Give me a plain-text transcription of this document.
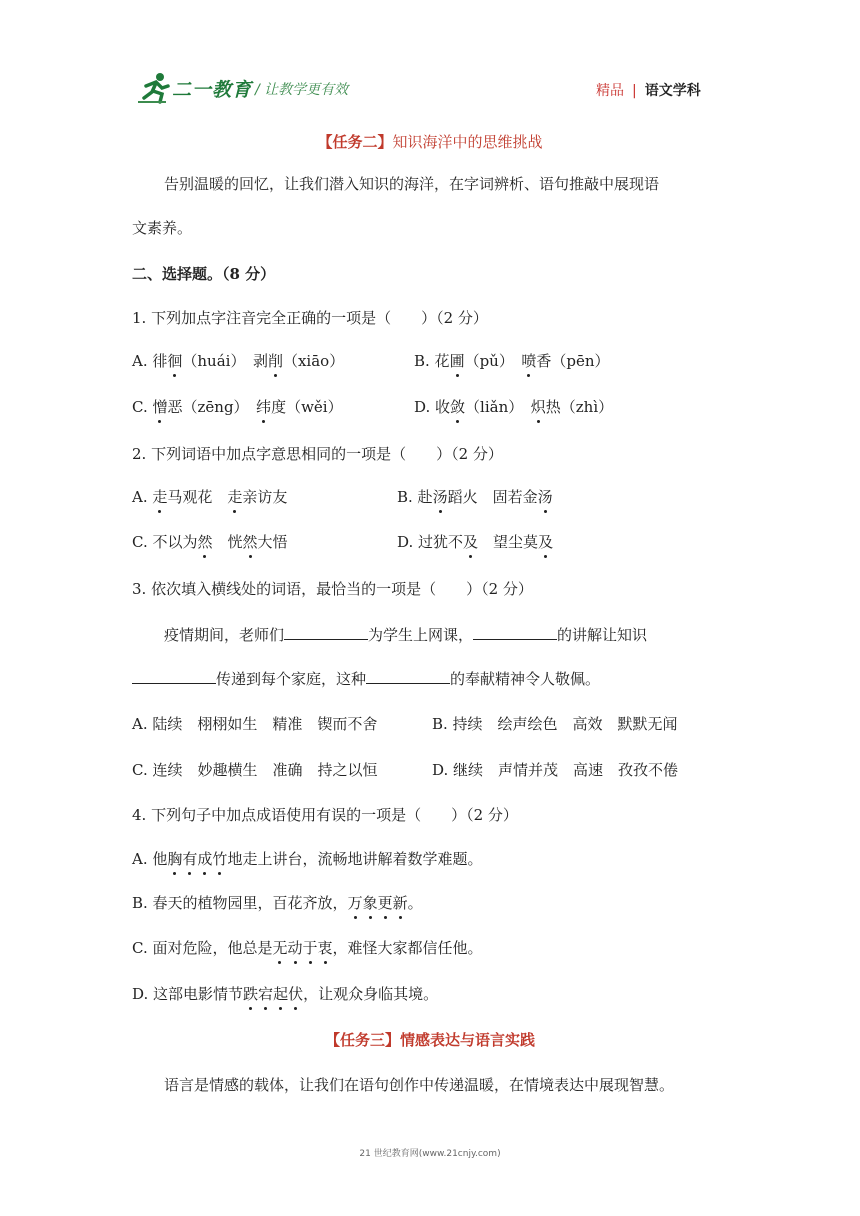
二一教育 / 让教学更有效	精品 | 语文学科
【任务二】知识海洋中的思维挑战
告别温暖的回忆，让我们潜入知识的海洋，在字词辨析、语句推敲中展现语
文素养。
二、选择题。（8 分）
1. 下列加点字注音完全正确的一项是（　　）（2 分）
A. 徘徊（huái）　剥削（xiāo）	B. 花圃（pǔ）　喷香（pēn）
C. 憎恶（zēng）　纬度（wěi）	D. 收敛（liǎn）　炽热（zhì）
2. 下列词语中加点字意思相同的一项是（　　）（2 分）
A. 走马观花　走亲访友	B. 赴汤蹈火　固若金汤
C. 不以为然　恍然大悟	D. 过犹不及　望尘莫及
3. 依次填入横线处的词语，最恰当的一项是（　　）（2 分）
疫情期间，老师们	为学生上网课，	的讲解让知识
传递到每个家庭，这种	的奉献精神令人敬佩。
A. 陆续　栩栩如生　精准　锲而不舍	B. 持续　绘声绘色　高效　默默无闻
C. 连续　妙趣横生　准确　持之以恒	D. 继续　声情并茂　高速　孜孜不倦
4. 下列句子中加点成语使用有误的一项是（　　）（2 分）
A. 他胸有成竹地走上讲台，流畅地讲解着数学难题。
B. 春天的植物园里，百花齐放，万象更新。
C. 面对危险，他总是无动于衷，难怪大家都信任他。
D. 这部电影情节跌宕起伏，让观众身临其境。
【任务三】情感表达与语言实践
语言是情感的载体，让我们在语句创作中传递温暖，在情境表达中展现智慧。
21 世纪教育网(www.21cnjy.com)
